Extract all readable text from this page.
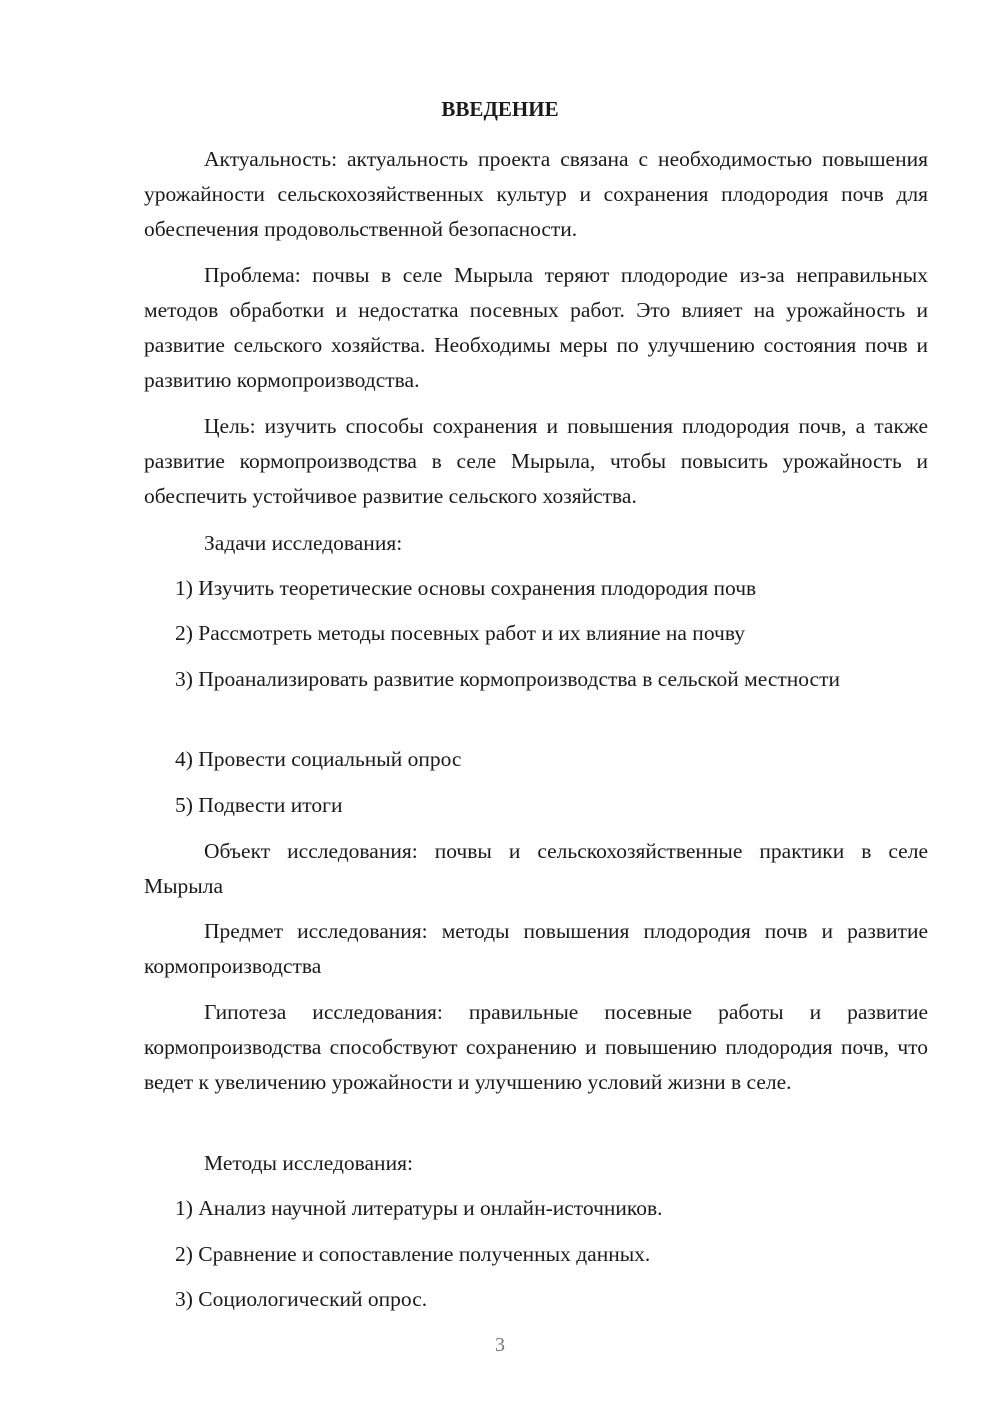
ВВЕДЕНИЕ
Актуальность: актуальность проекта связана с необходимостью повышения урожайности сельскохозяйственных культур и сохранения плодородия почв для обеспечения продовольственной безопасности.
Проблема: почвы в селе Мырыла теряют плодородие из-за неправильных методов обработки и недостатка посевных работ. Это влияет на урожайность и развитие сельского хозяйства. Необходимы меры по улучшению состояния почв и развитию кормопроизводства.
Цель: изучить способы сохранения и повышения плодородия почв, а также развитие кормопроизводства в селе Мырыла, чтобы повысить урожайность и обеспечить устойчивое развитие сельского хозяйства.
Задачи исследования:
1) Изучить теоретические основы сохранения плодородия почв
2) Рассмотреть методы посевных работ и их влияние на почву
3) Проанализировать развитие кормопроизводства в сельской местности
4) Провести социальный опрос
5) Подвести итоги
Объект исследования: почвы и сельскохозяйственные практики в селе Мырыла
Предмет исследования: методы повышения плодородия почв и развитие кормопроизводства
Гипотеза исследования: правильные посевные работы и развитие кормопроизводства способствуют сохранению и повышению плодородия почв, что ведет к увеличению урожайности и улучшению условий жизни в селе.
Методы исследования:
1) Анализ научной литературы и онлайн-источников.
2) Сравнение и сопоставление полученных данных.
3) Социологический опрос.
3
